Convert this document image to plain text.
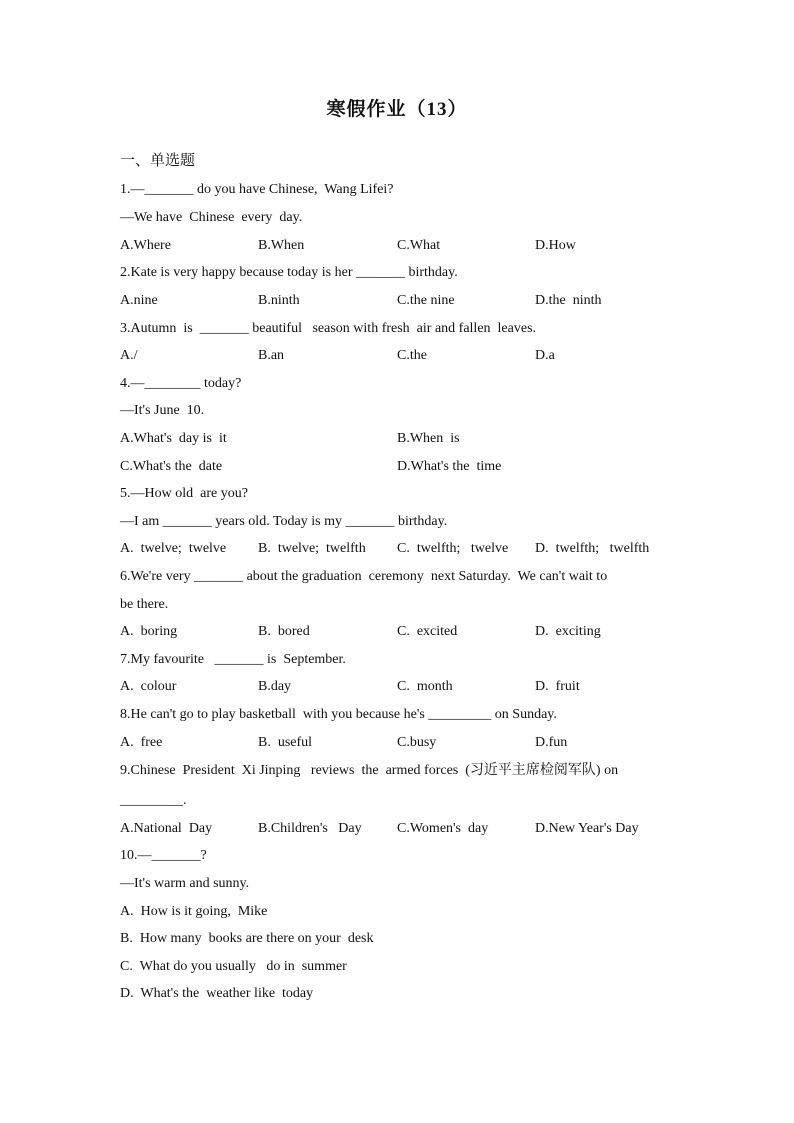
寒假作业（13）
一、单选题
1.—_______ do you have Chinese,  Wang Lifei?
—We have  Chinese  every  day.
A.Where	B.When	C.What	D.How
2.Kate is very happy because today is her _______ birthday.
A.nine	B.ninth	C.the nine	D.the  ninth
3.Autumn  is  _______ beautiful   season with fresh  air and fallen  leaves.
A./	B.an	C.the	D.a
4.—________ today?
—It's June  10.
A.What's  day is  it	B.When  is
C.What's the  date	D.What's the  time
5.—How old  are you?
—I am _______ years old. Today is my _______ birthday.
A.  twelve;  twelve B.  twelve;  twelfth C.  twelfth;   twelve D.  twelfth;   twelfth
6.We're very _______ about the graduation  ceremony  next Saturday.  We can't wait to
be there.
A.  boring	B.  bored	C.  excited	D.  exciting
7.My favourite   _______ is  September.
A.  colour	B.day	C.  month	D.  fruit
8.He can't go to play basketball  with you because he's _________ on Sunday.
A.  free	B.  useful	C.busy	D.fun
9.Chinese  President  Xi Jinping   reviews  the  armed forces  (习近平主席检阅军队) on
_________.
A.National  Day	B.Children's   Day	C.Women's  day	D.New Year's Day
10.—_______?
—It's warm and sunny.
A.  How is it going,  Mike
B.  How many  books are there on your  desk
C.  What do you usually   do in  summer
D.  What's the  weather like  today
